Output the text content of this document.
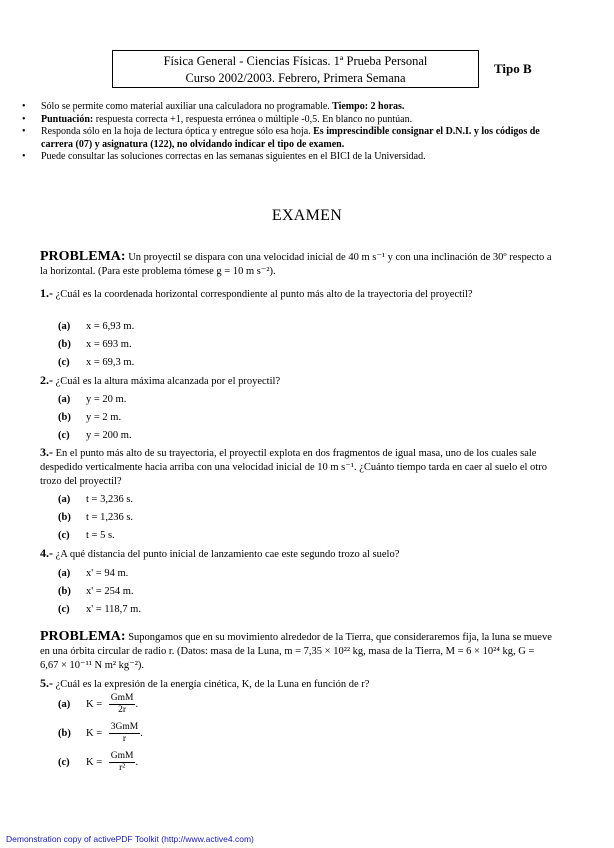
Física General - Ciencias Físicas. 1ª Prueba Personal
Curso 2002/2003. Febrero, Primera Semana
Tipo B
• Sólo se permite como material auxiliar una calculadora no programable. Tiempo: 2 horas.
• Puntuación: respuesta correcta +1, respuesta errónea o múltiple -0,5. En blanco no puntúan.
• Responda sólo en la hoja de lectura óptica y entregue sólo esa hoja. Es imprescindible consignar el D.N.I. y los códigos de carrera (07) y asignatura (122), no olvidando indicar el tipo de examen.
• Puede consultar las soluciones correctas en las semanas siguientes en el BICI de la Universidad.
EXAMEN
PROBLEMA: Un proyectil se dispara con una velocidad inicial de 40 m s⁻¹ y con una inclinación de 30º respecto a la horizontal. (Para este problema tómese g = 10 m s⁻²).
1.- ¿Cuál es la coordenada horizontal correspondiente al punto más alto de la trayectoria del proyectil?
(a) x = 6,93 m.
(b) x = 693 m.
(c) x = 69,3 m.
2.- ¿Cuál es la altura máxima alcanzada por el proyectil?
(a) y = 20 m.
(b) y = 2 m.
(c) y = 200 m.
3.- En el punto más alto de su trayectoria, el proyectil explota en dos fragmentos de igual masa, uno de los cuales sale despedido verticalmente hacia arriba con una velocidad inicial de 10 m s⁻¹. ¿Cuánto tiempo tarda en caer al suelo el otro trozo del proyectil?
(a) t = 3,236 s.
(b) t = 1,236 s.
(c) t = 5 s.
4.- ¿A qué distancia del punto inicial de lanzamiento cae este segundo trozo al suelo?
(a) x' = 94 m.
(b) x' = 254 m.
(c) x' = 118,7 m.
PROBLEMA: Supongamos que en su movimiento alrededor de la Tierra, que consideraremos fija, la luna se mueve en una órbita circular de radio r. (Datos: masa de la Luna, m = 7,35 × 10²² kg, masa de la Tierra, M = 6 × 10²⁴ kg, G = 6,67 × 10⁻¹¹ N m² kg⁻²).
5.- ¿Cuál es la expresión de la energía cinética, K, de la Luna en función de r?
(a) $K = \frac{\text{GmM}}{2r}$ .
(b) $K = \frac{\text{3GmM}}{r}$ .
(c) $K = \frac{\text{GmM}}{\text{r²}}$ .
Demonstration copy of activePDF Toolkit (http://www.active4.com)
